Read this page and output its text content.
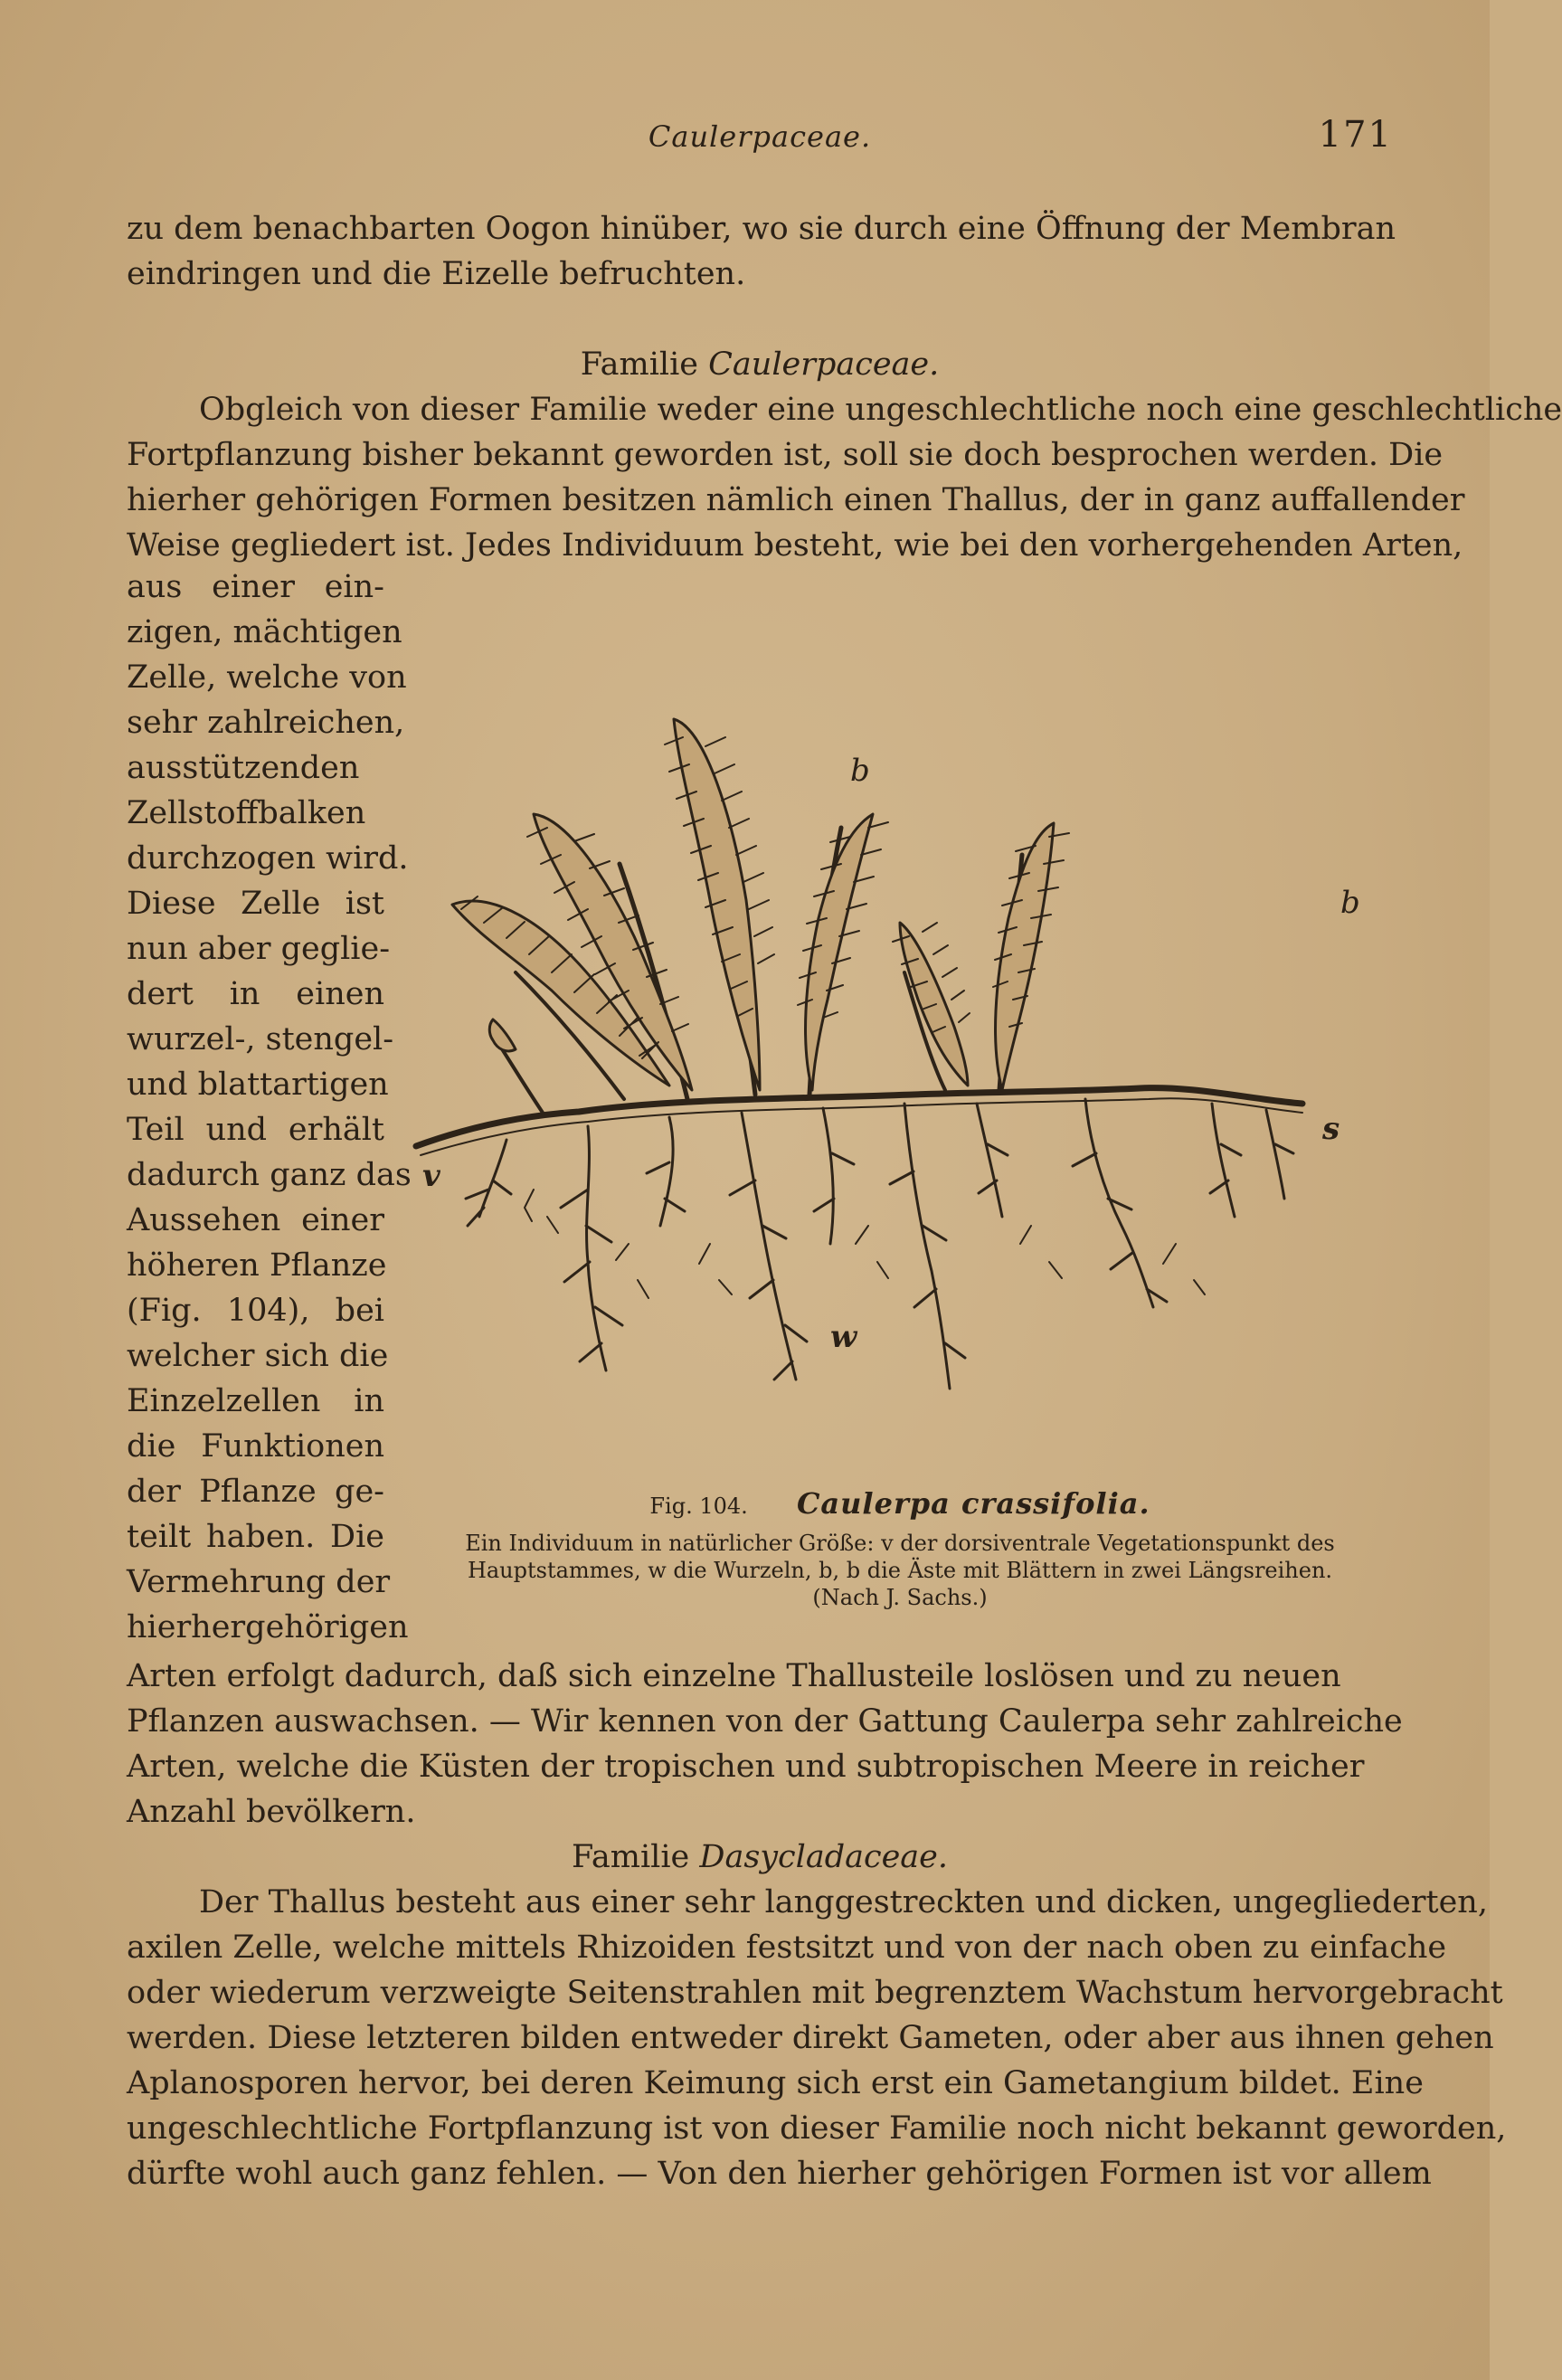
Caulerpaceae.	171
zu dem benachbarten Oogon hinüber, wo sie durch eine Öffnung der Membran
eindringen und die Eizelle befruchten.
Familie Caulerpaceae.
Obgleich von dieser Familie weder eine ungeschlechtliche noch eine geschlechtliche
Fortpflanzung bisher bekannt geworden ist, soll sie doch besprochen werden. Die
hierher gehörigen Formen besitzen nämlich einen Thallus, der in ganz auffallender
Weise gegliedert ist. Jedes Individuum besteht, wie bei den vorhergehenden Arten,
aus einer ein-
zigen, mächtigen
Zelle, welche von
sehr zahlreichen,
ausstützenden
Zellstoffbalken
durchzogen wird.
Diese Zelle ist
nun aber geglie-
dert in einen
wurzel-, stengel-
und blattartigen
Teil und erhält
dadurch ganz das
Aussehen einer
höheren Pflanze
(Fig. 104), bei
welcher sich die
Einzelzellen in
die Funktionen
der Pflanze ge-
teilt haben. Die
Vermehrung der
hierhergehörigen
b
b
s
v
w
Fig. 104. Caulerpa crassifolia.
Ein Individuum in natürlicher Größe: v der dorsiventrale Vegetationspunkt des
Hauptstammes, w die Wurzeln, b, b die Äste mit Blättern in zwei Längsreihen.
(Nach J. Sachs.)
Arten erfolgt dadurch, daß sich einzelne Thallusteile loslösen und zu neuen
Pflanzen auswachsen. — Wir kennen von der Gattung Caulerpa sehr zahlreiche
Arten, welche die Küsten der tropischen und subtropischen Meere in reicher
Anzahl bevölkern.
Familie Dasycladaceae.
Der Thallus besteht aus einer sehr langgestreckten und dicken, ungegliederten,
axilen Zelle, welche mittels Rhizoiden festsitzt und von der nach oben zu einfache
oder wiederum verzweigte Seitenstrahlen mit begrenztem Wachstum hervorgebracht
werden. Diese letzteren bilden entweder direkt Gameten, oder aber aus ihnen gehen
Aplanosporen hervor, bei deren Keimung sich erst ein Gametangium bildet. Eine
ungeschlechtliche Fortpflanzung ist von dieser Familie noch nicht bekannt geworden,
dürfte wohl auch ganz fehlen. — Von den hierher gehörigen Formen ist vor allem
